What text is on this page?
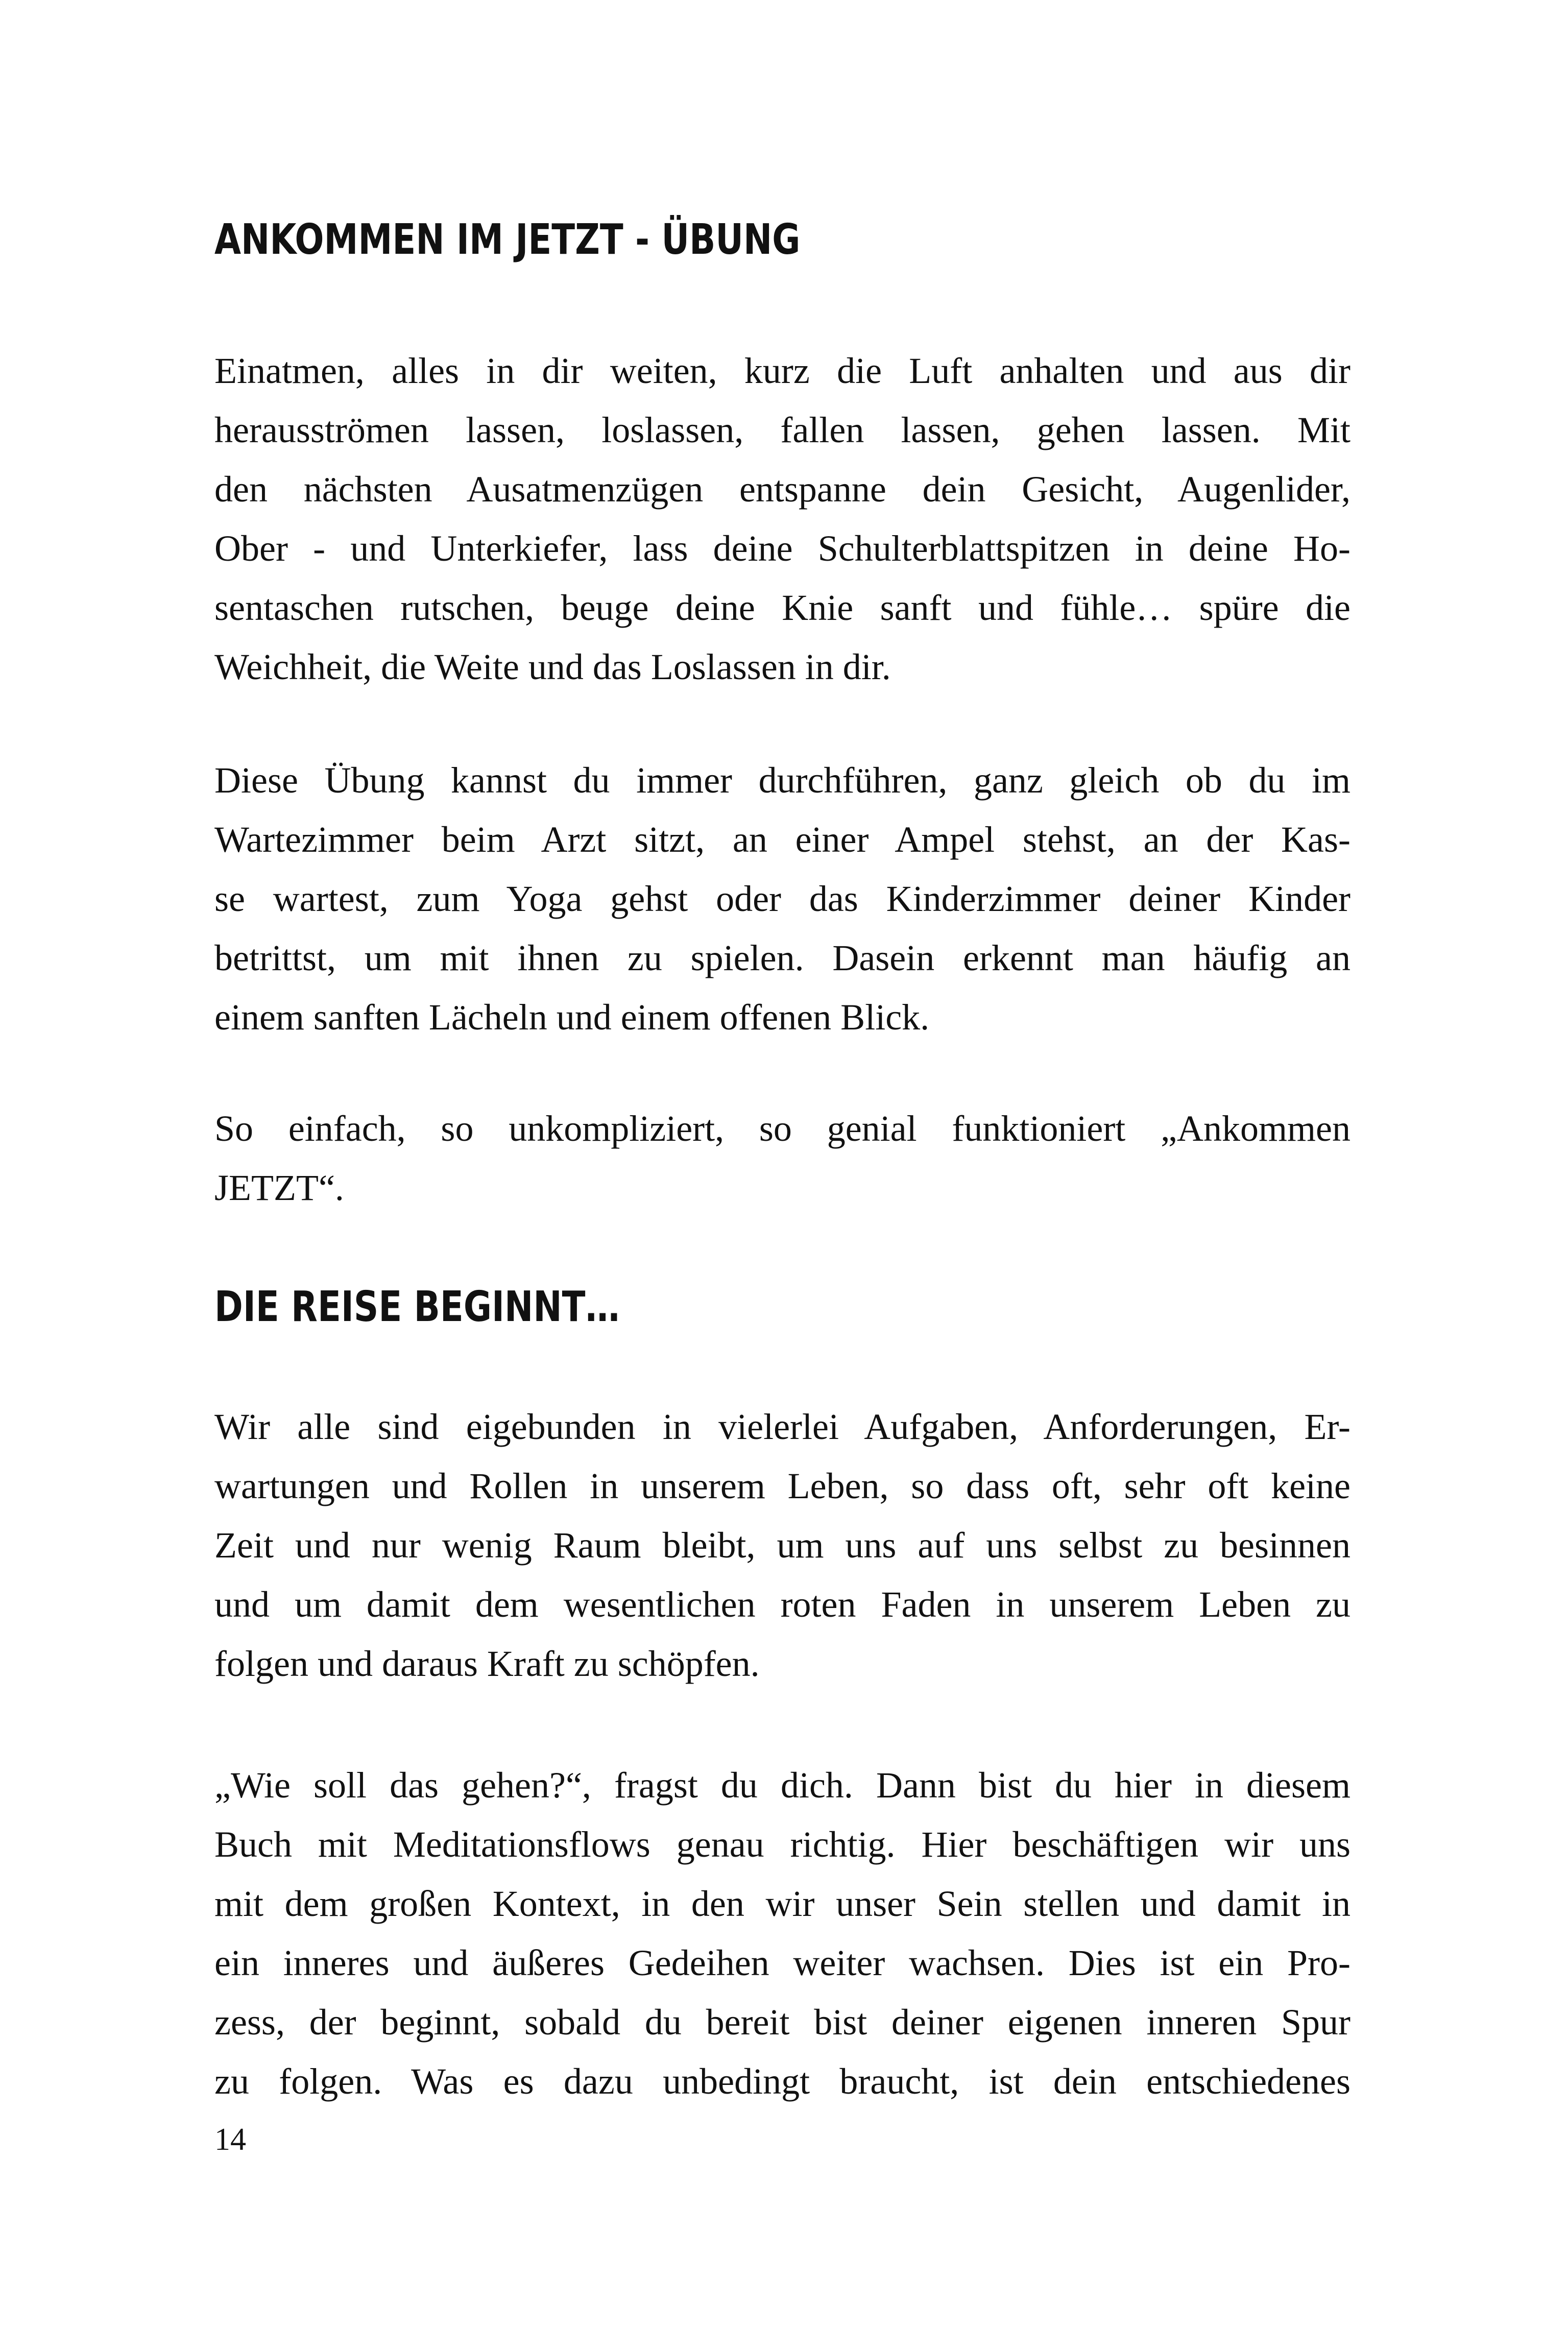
ANKOMMEN IM JETZT - ÜBUNG
Einatmen, alles in dir weiten, kurz die Luft anhalten und aus dir
herausströmen lassen, loslassen, fallen lassen, gehen lassen. Mit
den nächsten Ausatmenzügen entspanne dein Gesicht, Augenlider,
Ober - und Unterkiefer, lass deine Schulterblattspitzen in deine Ho-
sentaschen rutschen, beuge deine Knie sanft und fühle… spüre die
Weichheit, die Weite und das Loslassen in dir.
Diese Übung kannst du immer durchführen, ganz gleich ob du im
Wartezimmer beim Arzt sitzt, an einer Ampel stehst, an der Kas-
se wartest, zum Yoga gehst oder das Kinderzimmer deiner Kinder
betrittst, um mit ihnen zu spielen. Dasein erkennt man häufig an
einem sanften Lächeln und einem offenen Blick.
So einfach, so unkompliziert, so genial funktioniert „Ankommen
JETZT“.
DIE REISE BEGINNT…
Wir alle sind eigebunden in vielerlei Aufgaben, Anforderungen, Er-
wartungen und Rollen in unserem Leben, so dass oft, sehr oft keine
Zeit und nur wenig Raum bleibt, um uns auf uns selbst zu besinnen
und um damit dem wesentlichen roten Faden in unserem Leben zu
folgen und daraus Kraft zu schöpfen.
„Wie soll das gehen?“, fragst du dich. Dann bist du hier in diesem
Buch mit Meditationsflows genau richtig. Hier beschäftigen wir uns
mit dem großen Kontext, in den wir unser Sein stellen und damit in
ein inneres und äußeres Gedeihen weiter wachsen. Dies ist ein Pro-
zess, der beginnt, sobald du bereit bist deiner eigenen inneren Spur
zu folgen. Was es dazu unbedingt braucht, ist dein entschiedenes
14
